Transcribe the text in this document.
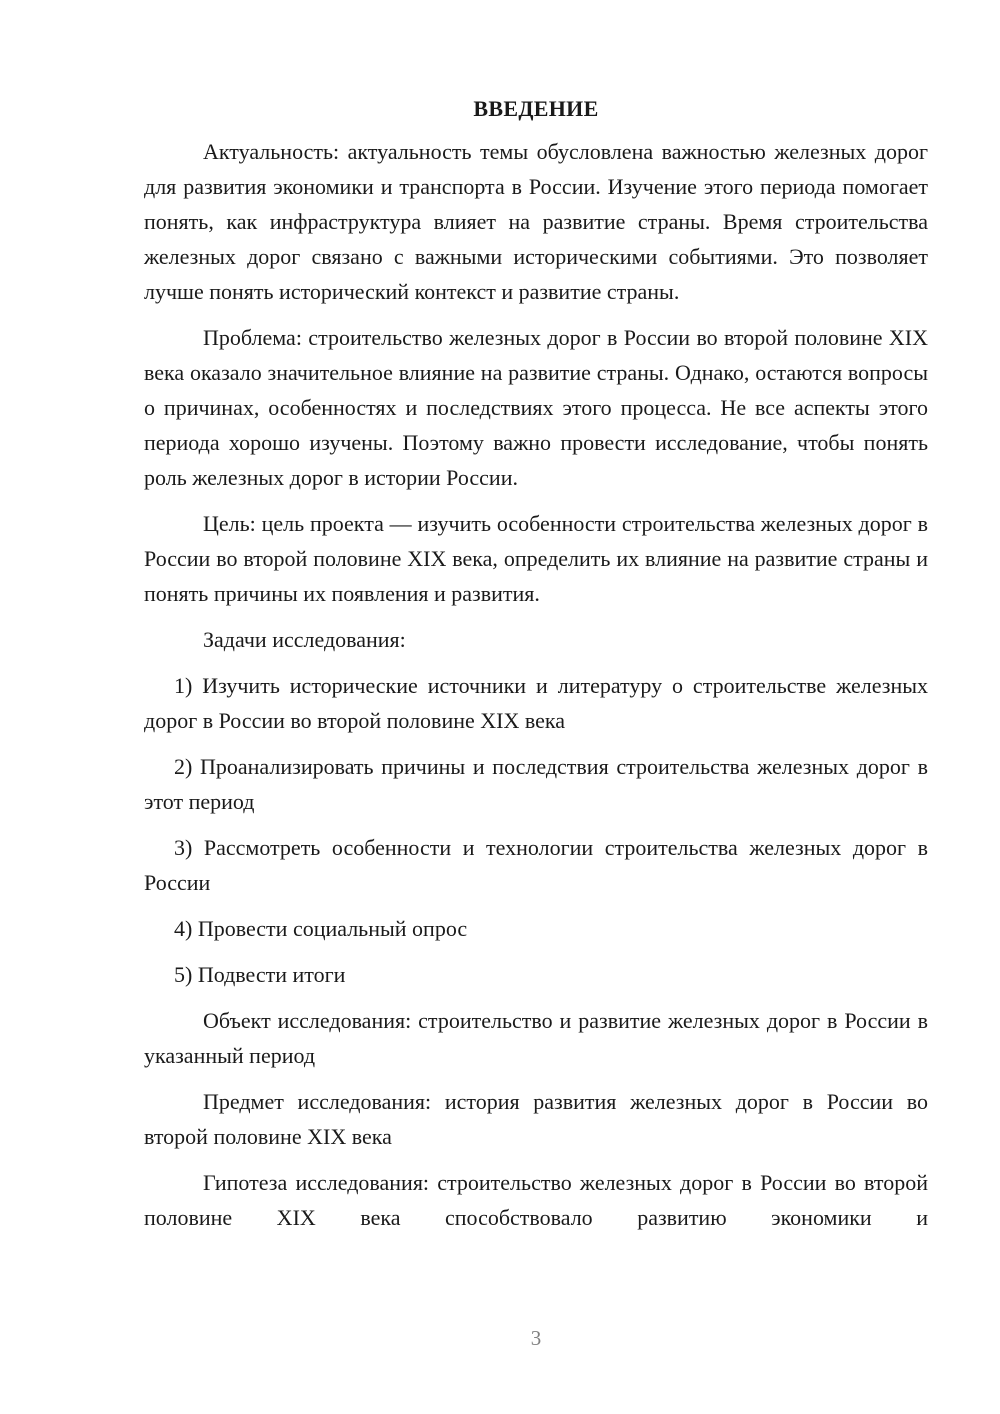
ВВЕДЕНИЕ

Актуальность: актуальность темы обусловлена важностью железных дорог для развития экономики и транспорта в России. Изучение этого периода помогает понять, как инфраструктура влияет на развитие страны. Время строительства железных дорог связано с важными историческими событиями. Это позволяет лучше понять исторический контекст и развитие страны.

Проблема: строительство железных дорог в России во второй половине XIX века оказало значительное влияние на развитие страны. Однако, остаются вопросы о причинах, особенностях и последствиях этого процесса. Не все аспекты этого периода хорошо изучены. Поэтому важно провести исследование, чтобы понять роль железных дорог в истории России.

Цель: цель проекта — изучить особенности строительства железных дорог в России во второй половине XIX века, определить их влияние на развитие страны и понять причины их появления и развития.

Задачи исследования:

1) Изучить исторические источники и литературу о строительстве железных дорог в России во второй половине XIX века

2) Проанализировать причины и последствия строительства железных дорог в этот период

3) Рассмотреть особенности и технологии строительства железных дорог в России

4) Провести социальный опрос

5) Подвести итоги

Объект исследования: строительство и развитие железных дорог в России в указанный период

Предмет исследования: история развития железных дорог в России во второй половине XIX века

Гипотеза исследования: строительство железных дорог в России во второй половине XIX века способствовало развитию экономики и

3
